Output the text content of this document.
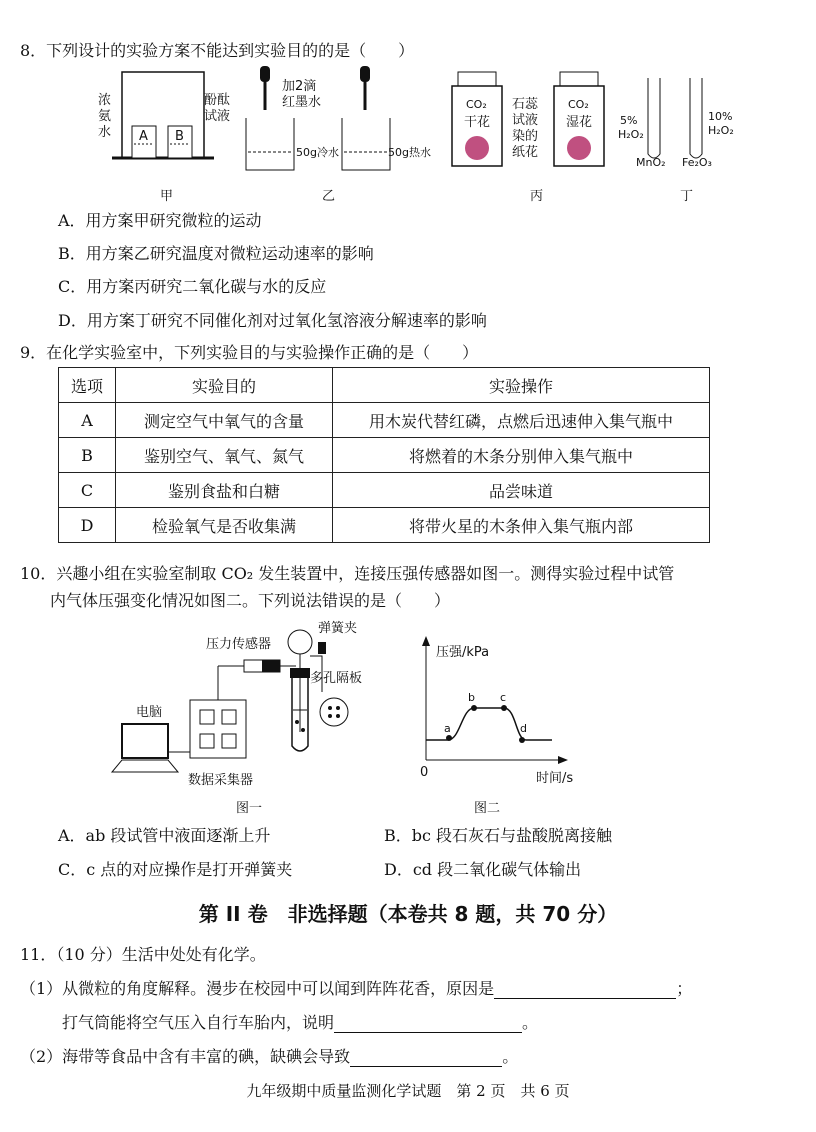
8．下列设计的实验方案不能达到实验目的的是（　　）
A B
浓
氨
水
酚酞
试液
甲
加2滴
红墨水
50g冷水	50g热水
乙
CO₂
干花
CO₂
湿花
石蕊
试液
染的
纸花
丙
5%
H₂O₂
10%
H₂O₂
MnO₂ Fe₂O₃
丁
A．用方案甲研究微粒的运动
B．用方案乙研究温度对微粒运动速率的影响
C．用方案丙研究二氧化碳与水的反应
D．用方案丁研究不同催化剂对过氧化氢溶液分解速率的影响
9．在化学实验室中，下列实验目的与实验操作正确的是（　　）
选项	实验目的	实验操作
A	测定空气中氧气的含量	用木炭代替红磷，点燃后迅速伸入集气瓶中
B	鉴别空气、氧气、氮气	将燃着的木条分别伸入集气瓶中
C	鉴别食盐和白糖	品尝味道
D	检验氧气是否收集满	将带火星的木条伸入集气瓶内部
10．兴趣小组在实验室制取 CO₂ 发生装置中，连接压强传感器如图一。测得实验过程中试管
内气体压强变化情况如图二。下列说法错误的是（　　）
压力传感器
弹簧夹
多孔隔板
数据采集器
电脑
图一
压强/kPa
时间/s
0
a
b c
d
图二
A．ab 段试管中液面逐渐上升	B．bc 段石灰石与盐酸脱离接触
C．c 点的对应操作是打开弹簧夹	D．cd 段二氧化碳气体输出
第 II 卷　非选择题（本卷共 8 题，共 70 分）
11．（10 分）生活中处处有化学。
（1）从微粒的角度解释。漫步在校园中可以闻到阵阵花香，原因是	；
打气筒能将空气压入自行车胎内，说明	。
（2）海带等食品中含有丰富的碘，缺碘会导致	。
九年级期中质量监测化学试题　第 2 页　共 6 页
